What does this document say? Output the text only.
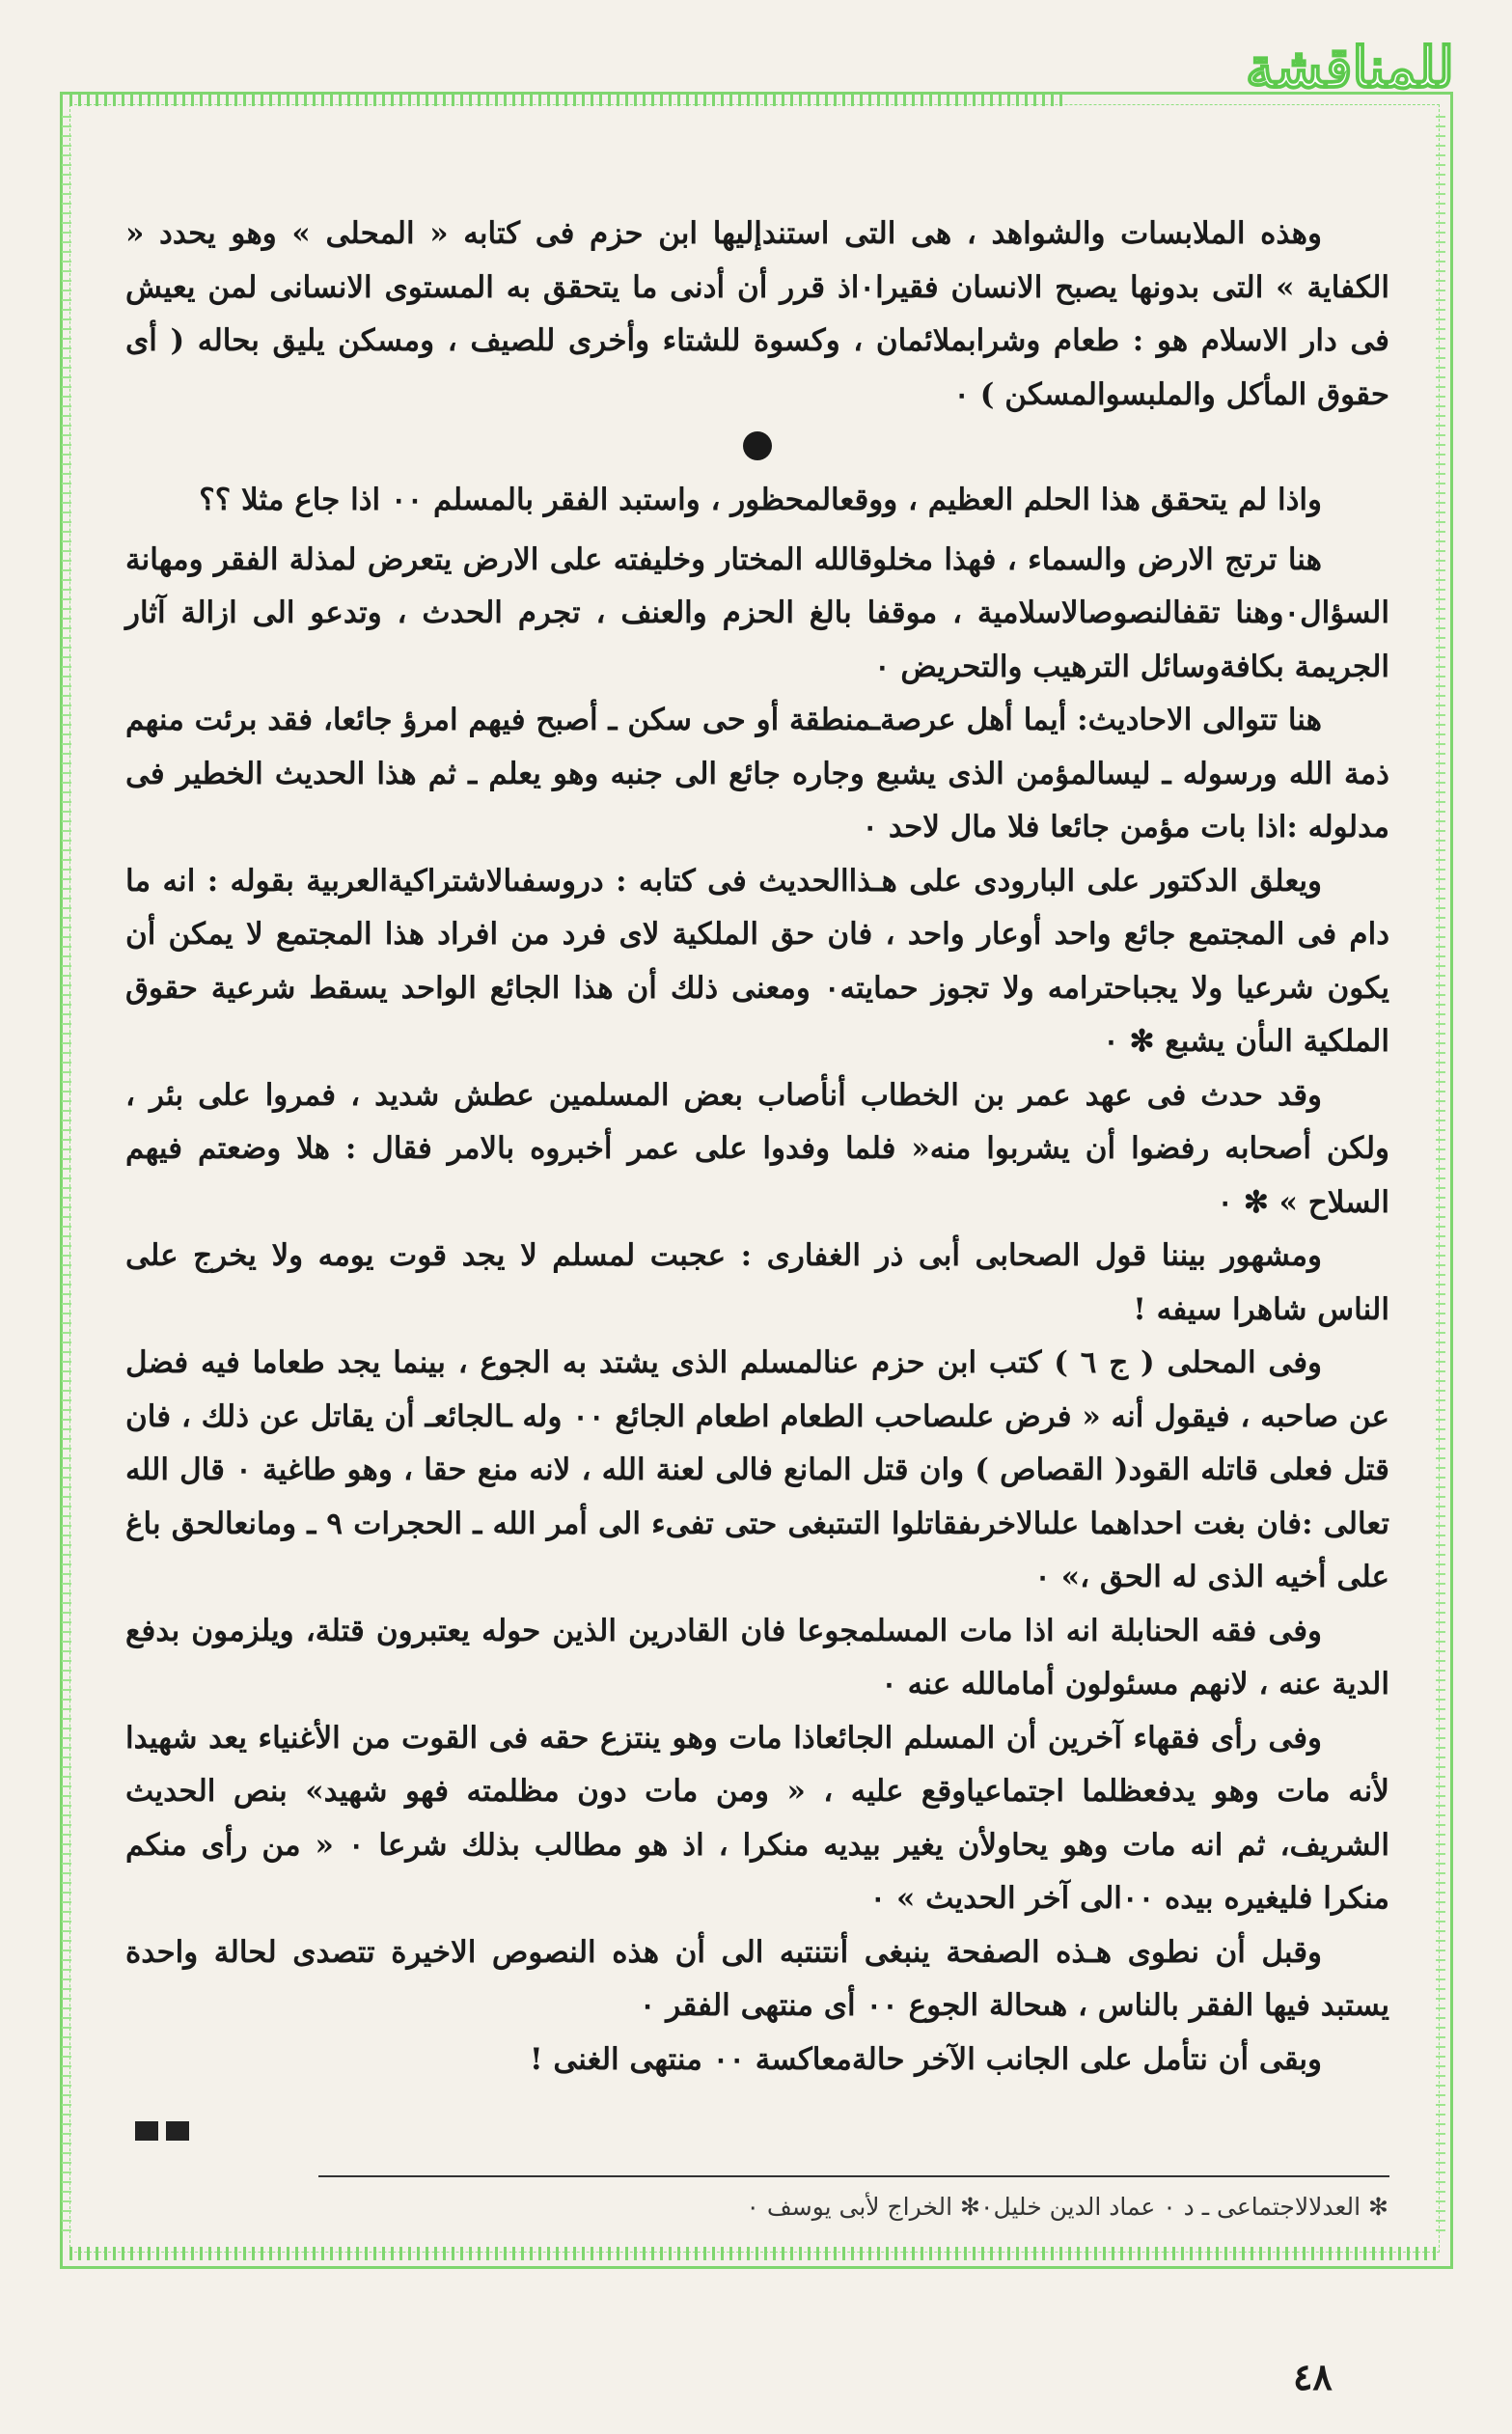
للمناقشة

وهذه الملابسات والشواهد ، هى التى استندإليها ابن حزم فى كتابه « المحلى » وهو يحدد « الكفاية » التى بدونها يصبح الانسان فقيرا٠اذ قرر أن أدنى ما يتحقق به المستوى الانسانى لمن يعيش فى دار الاسلام هو : طعام وشرابملائمان ، وكسوة للشتاء وأخرى للصيف ، ومسكن يليق بحاله ( أى حقوق المأكل والملبسوالمسكن ) ٠

واذا لم يتحقق هذا الحلم العظيم ، ووقعالمحظور ، واستبد الفقر بالمسلم ٠٠ اذا جاع مثلا ؟؟

هنا ترتج الارض والسماء ، فهذا مخلوقالله المختار وخليفته على الارض يتعرض لمذلة الفقر ومهانة السؤال٠وهنا تقفالنصوصالاسلامية ، موقفا بالغ الحزم والعنف ، تجرم الحدث ، وتدعو الى ازالة آثار الجريمة بكافةوسائل الترهيب والتحريض ٠

هنا تتوالى الاحاديث: أيما أهل عرصةـمنطقة أو حى سكن ـ أصبح فيهم امرؤ جائعا، فقد برئت منهم ذمة الله ورسوله ـ ليسالمؤمن الذى يشبع وجاره جائع الى جنبه وهو يعلم ـ ثم هذا الحديث الخطير فى مدلوله :اذا بات مؤمن جائعا فلا مال لاحد ٠

ويعلق الدكتور على البارودى على هـذاالحديث فى كتابه : دروسفىالاشتراكيةالعربية بقوله : انه ما دام فى المجتمع جائع واحد أوعار واحد ، فان حق الملكية لاى فرد من افراد هذا المجتمع لا يمكن أن يكون شرعيا ولا يجباحترامه ولا تجوز حمايته٠ ومعنى ذلك أن هذا الجائع الواحد يسقط شرعية حقوق الملكية الىأن يشبع ✻ ٠

وقد حدث فى عهد عمر بن الخطاب أنأصاب بعض المسلمين عطش شديد ، فمروا على بئر ، ولكن أصحابه رفضوا أن يشربوا منه« فلما وفدوا على عمر أخبروه بالامر فقال : هلا وضعتم فيهم السلاح » ✻ ٠

ومشهور بيننا قول الصحابى أبى ذر الغفارى : عجبت لمسلم لا يجد قوت يومه ولا يخرج على الناس شاهرا سيفه !

وفى المحلى ( ج ٦ ) كتب ابن حزم عنالمسلم الذى يشتد به الجوع ، بينما يجد طعاما فيه فضل عن صاحبه ، فيقول أنه « فرض علىصاحب الطعام اطعام الجائع ٠٠ وله ـالجائعـ أن يقاتل عن ذلك ، فان قتل فعلى قاتله القود( القصاص ) وان قتل المانع فالى لعنة الله ، لانه منع حقا ، وهو طاغية ٠ قال الله تعالى :فان بغت احداهما علىالاخرىفقاتلوا التىتبغى حتى تفىء الى أمر الله ـ الحجرات ٩ ـ ومانعالحق باغ على أخيه الذى له الحق ،» ٠

وفى فقه الحنابلة انه اذا مات المسلمجوعا فان القادرين الذين حوله يعتبرون قتلة، ويلزمون بدفع الدية عنه ، لانهم مسئولون أمامالله عنه ٠

وفى رأى فقهاء آخرين أن المسلم الجائعاذا مات وهو ينتزع حقه فى القوت من الأغنياء يعد شهيدا لأنه مات وهو يدفعظلما اجتماعياوقع عليه ، « ومن مات دون مظلمته فهو شهيد» بنص الحديث الشريف، ثم انه مات وهو يحاولأن يغير بيديه منكرا ، اذ هو مطالب بذلك شرعا ٠ « من رأى منكم منكرا فليغيره بيده ٠٠الى آخر الحديث » ٠

وقبل أن نطوى هـذه الصفحة ينبغى أنتنتبه الى أن هذه النصوص الاخيرة تتصدى لحالة واحدة يستبد فيها الفقر بالناس ، هىحالة الجوع ٠٠ أى منتهى الفقر ٠

وبقى أن نتأمل على الجانب الآخر حالةمعاكسة ٠٠ منتهى الغنى !

✻ العدلالاجتماعى ـ د ٠ عماد الدين خليل٠✻ الخراج لأبى يوسف ٠
٤٨
